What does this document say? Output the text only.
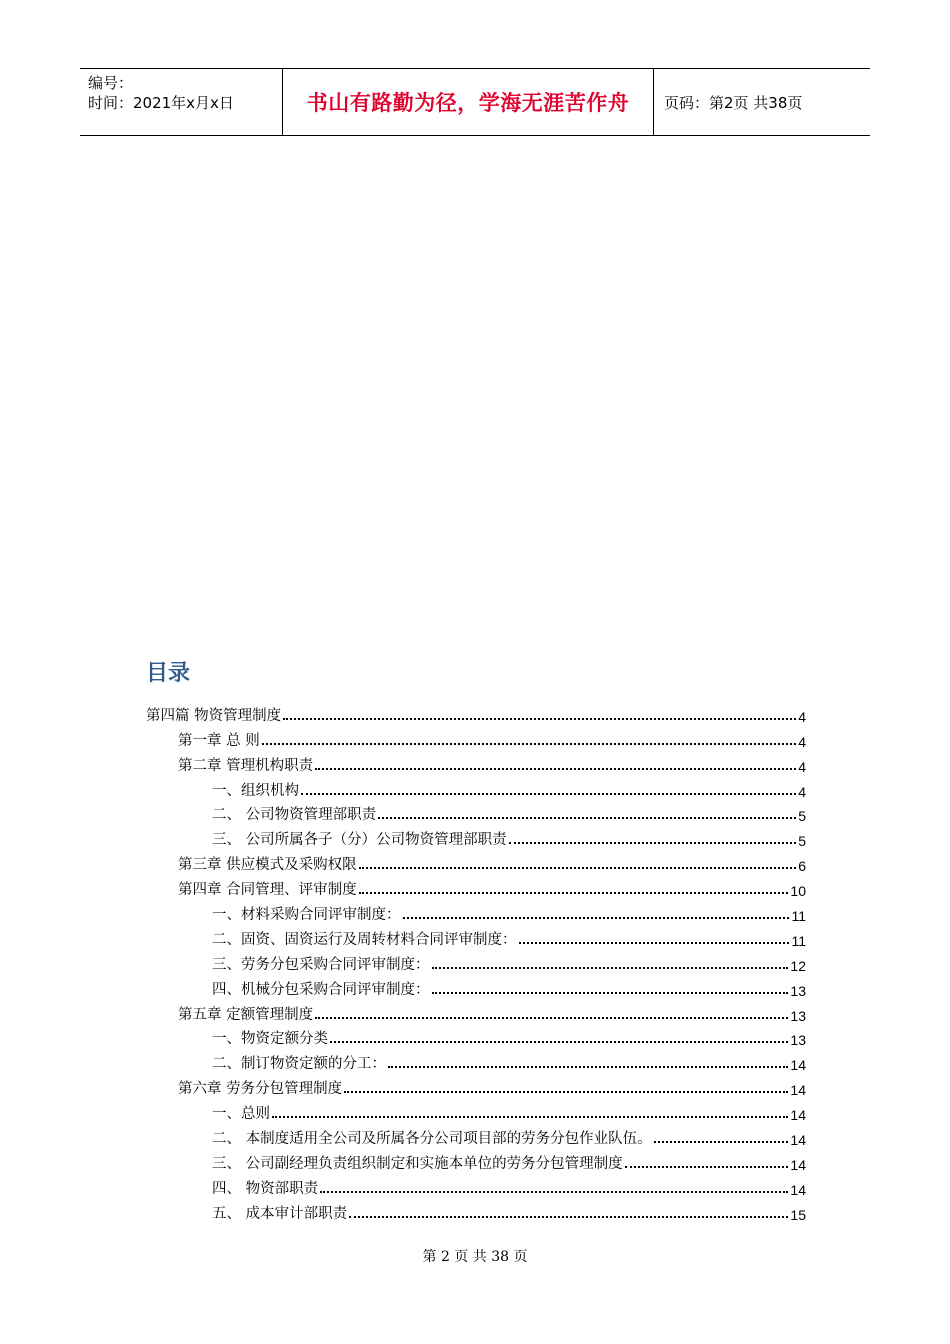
编号：
时间：2021年x月x日	书山有路勤为径，学海无涯苦作舟	页码：第2页 共38页
目录
第四篇 物资管理制度	4
第一章 总 则	4
第二章 管理机构职责	4
一、组织机构	4
二、 公司物资管理部职责	5
三、 公司所属各子（分）公司物资管理部职责	5
第三章 供应模式及采购权限	6
第四章 合同管理、评审制度	10
一、材料采购合同评审制度：	11
二、固资、固资运行及周转材料合同评审制度：	11
三、劳务分包采购合同评审制度：	12
四、机械分包采购合同评审制度：	13
第五章 定额管理制度	13
一、物资定额分类	13
二、制订物资定额的分工：	14
第六章 劳务分包管理制度	14
一、总则	14
二、 本制度适用全公司及所属各分公司项目部的劳务分包作业队伍。	14
三、 公司副经理负责组织制定和实施本单位的劳务分包管理制度	14
四、 物资部职责	14
五、 成本审计部职责	15
第 2 页 共 38 页
